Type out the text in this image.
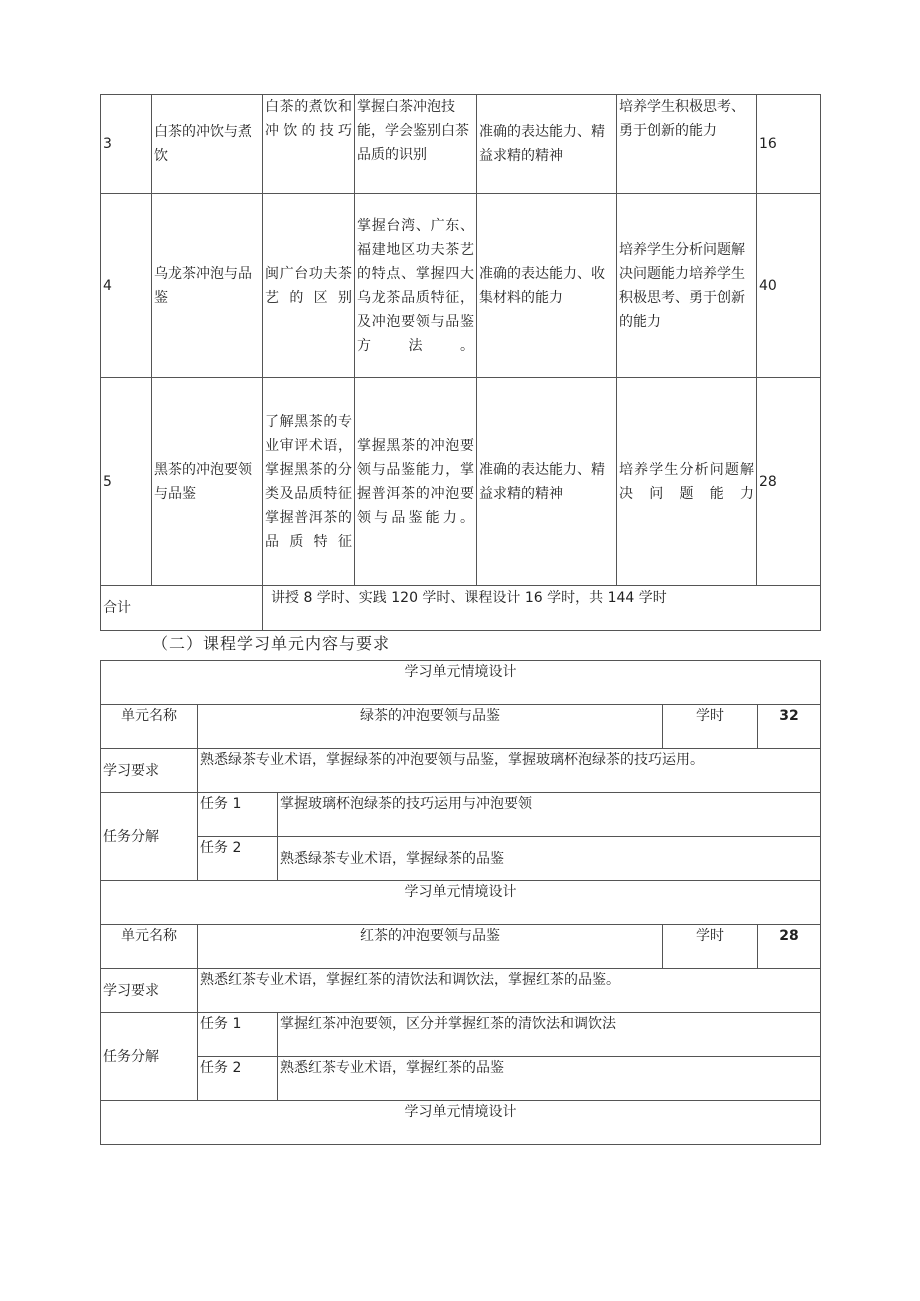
3	白茶的冲饮与煮饮	白茶的煮饮和冲饮的技巧	掌握白茶冲泡技能，学会鉴别白茶品质的识别	准确的表达能力、精益求精的精神	培养学生积极思考、勇于创新的能力	16
4	乌龙茶冲泡与品鉴	闽广台功夫茶艺的区别	掌握台湾、广东、福建地区功夫茶艺的特点、掌握四大乌龙茶品质特征，及冲泡要领与品鉴方法。	准确的表达能力、收集材料的能力	培养学生分析问题解决问题能力培养学生积极思考、勇于创新的能力	40
5	黑茶的冲泡要领与品鉴	了解黑茶的专业审评术语，掌握黑茶的分类及品质特征掌握普洱茶的品质特征	掌握黑茶的冲泡要领与品鉴能力，掌握普洱茶的冲泡要领与品鉴能力。	准确的表达能力、精益求精的精神	培养学生分析问题解决问题能力	28
合计		讲授 8 学时、实践 120 学时、课程设计 16 学时，共 144 学时				
（二）课程学习单元内容与要求
学习单元情境设计				
单元名称	绿茶的冲泡要领与品鉴		学时	32
学习要求	熟悉绿茶专业术语，掌握绿茶的冲泡要领与品鉴，掌握玻璃杯泡绿茶的技巧运用。			
任务分解	任务 1	掌握玻璃杯泡绿茶的技巧运用与冲泡要领		
	任务 2	熟悉绿茶专业术语，掌握绿茶的品鉴		
学习单元情境设计				
单元名称	红茶的冲泡要领与品鉴		学时	28
学习要求	熟悉红茶专业术语，掌握红茶的清饮法和调饮法，掌握红茶的品鉴。			
任务分解	任务 1	掌握红茶冲泡要领，区分并掌握红茶的清饮法和调饮法		
	任务 2	熟悉红茶专业术语，掌握红茶的品鉴		
学习单元情境设计				
